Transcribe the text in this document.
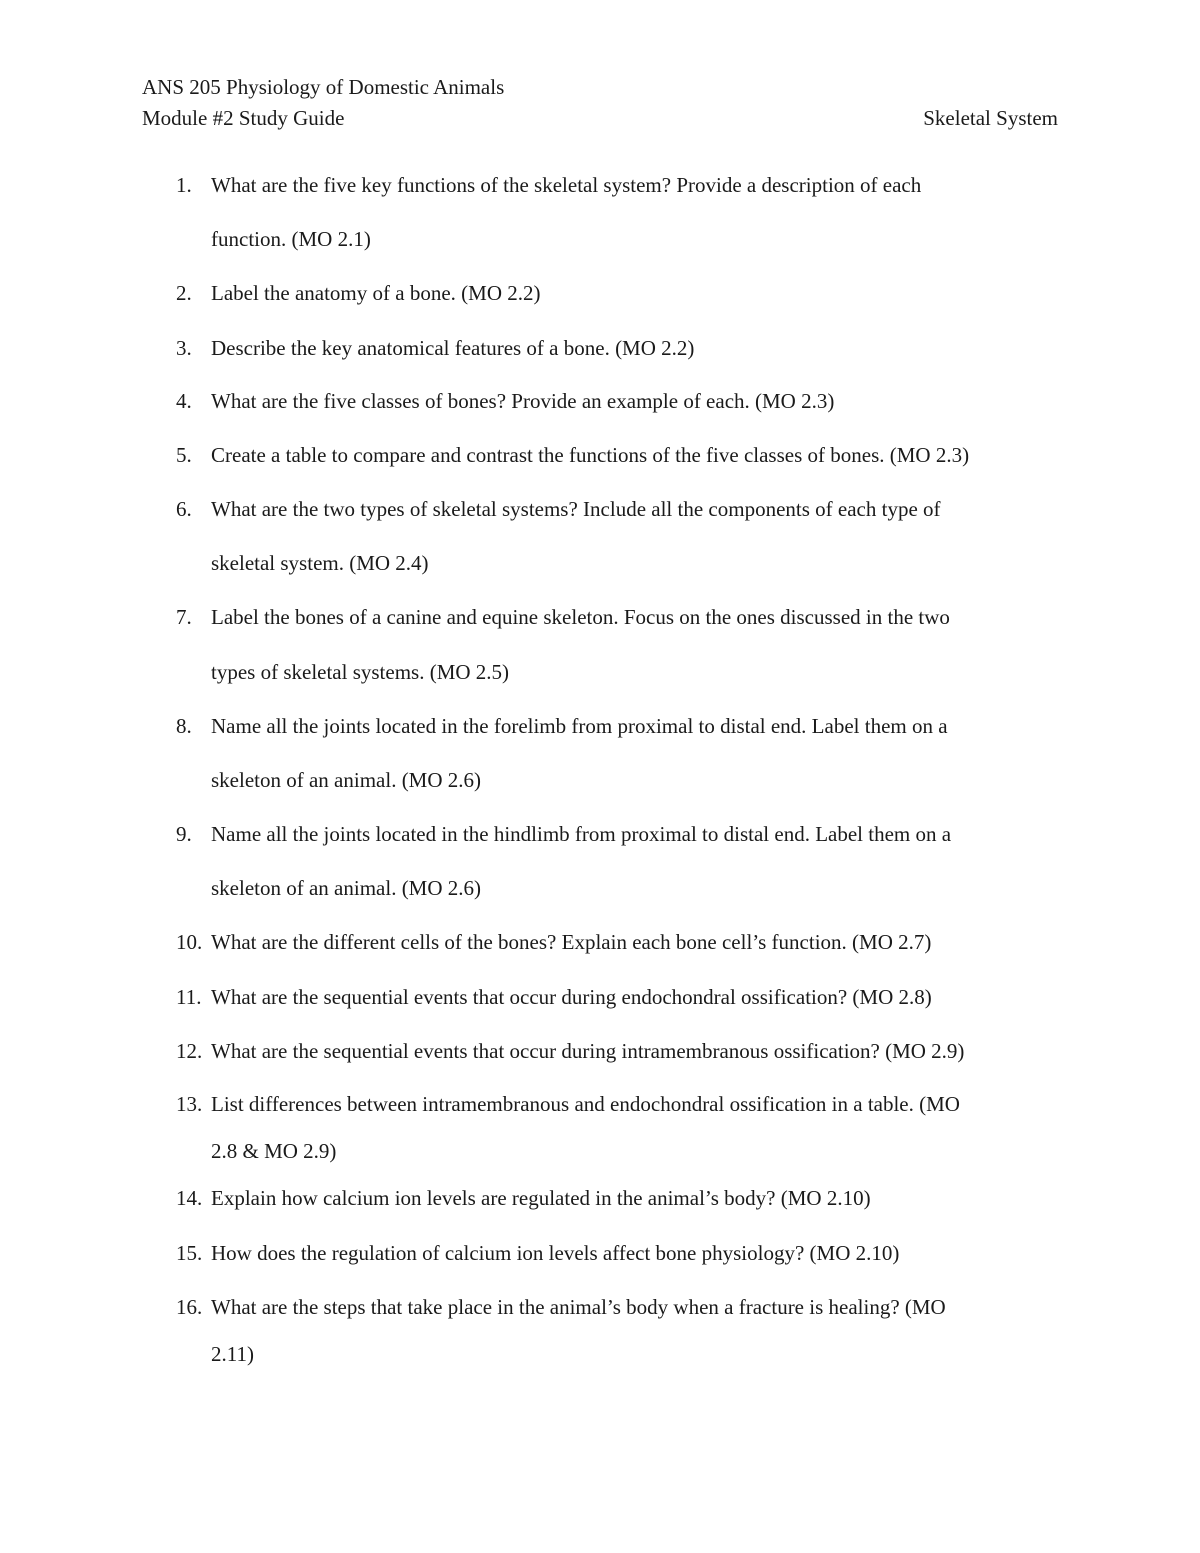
ANS 205 Physiology of Domestic Animals
Module #2 Study Guide	Skeletal System
1. What are the five key functions of the skeletal system? Provide a description of each
function. (MO 2.1)
2. Label the anatomy of a bone. (MO 2.2)
3. Describe the key anatomical features of a bone. (MO 2.2)
4. What are the five classes of bones? Provide an example of each. (MO 2.3)
5. Create a table to compare and contrast the functions of the five classes of bones. (MO 2.3)
6. What are the two types of skeletal systems? Include all the components of each type of
skeletal system. (MO 2.4)
7. Label the bones of a canine and equine skeleton. Focus on the ones discussed in the two
types of skeletal systems. (MO 2.5)
8. Name all the joints located in the forelimb from proximal to distal end. Label them on a
skeleton of an animal. (MO 2.6)
9. Name all the joints located in the hindlimb from proximal to distal end. Label them on a
skeleton of an animal. (MO 2.6)
10. What are the different cells of the bones? Explain each bone cell’s function. (MO 2.7)
11. What are the sequential events that occur during endochondral ossification? (MO 2.8)
12. What are the sequential events that occur during intramembranous ossification? (MO 2.9)
13. List differences between intramembranous and endochondral ossification in a table. (MO
2.8 & MO 2.9)
14. Explain how calcium ion levels are regulated in the animal’s body? (MO 2.10)
15. How does the regulation of calcium ion levels affect bone physiology? (MO 2.10)
16. What are the steps that take place in the animal’s body when a fracture is healing? (MO
2.11)
